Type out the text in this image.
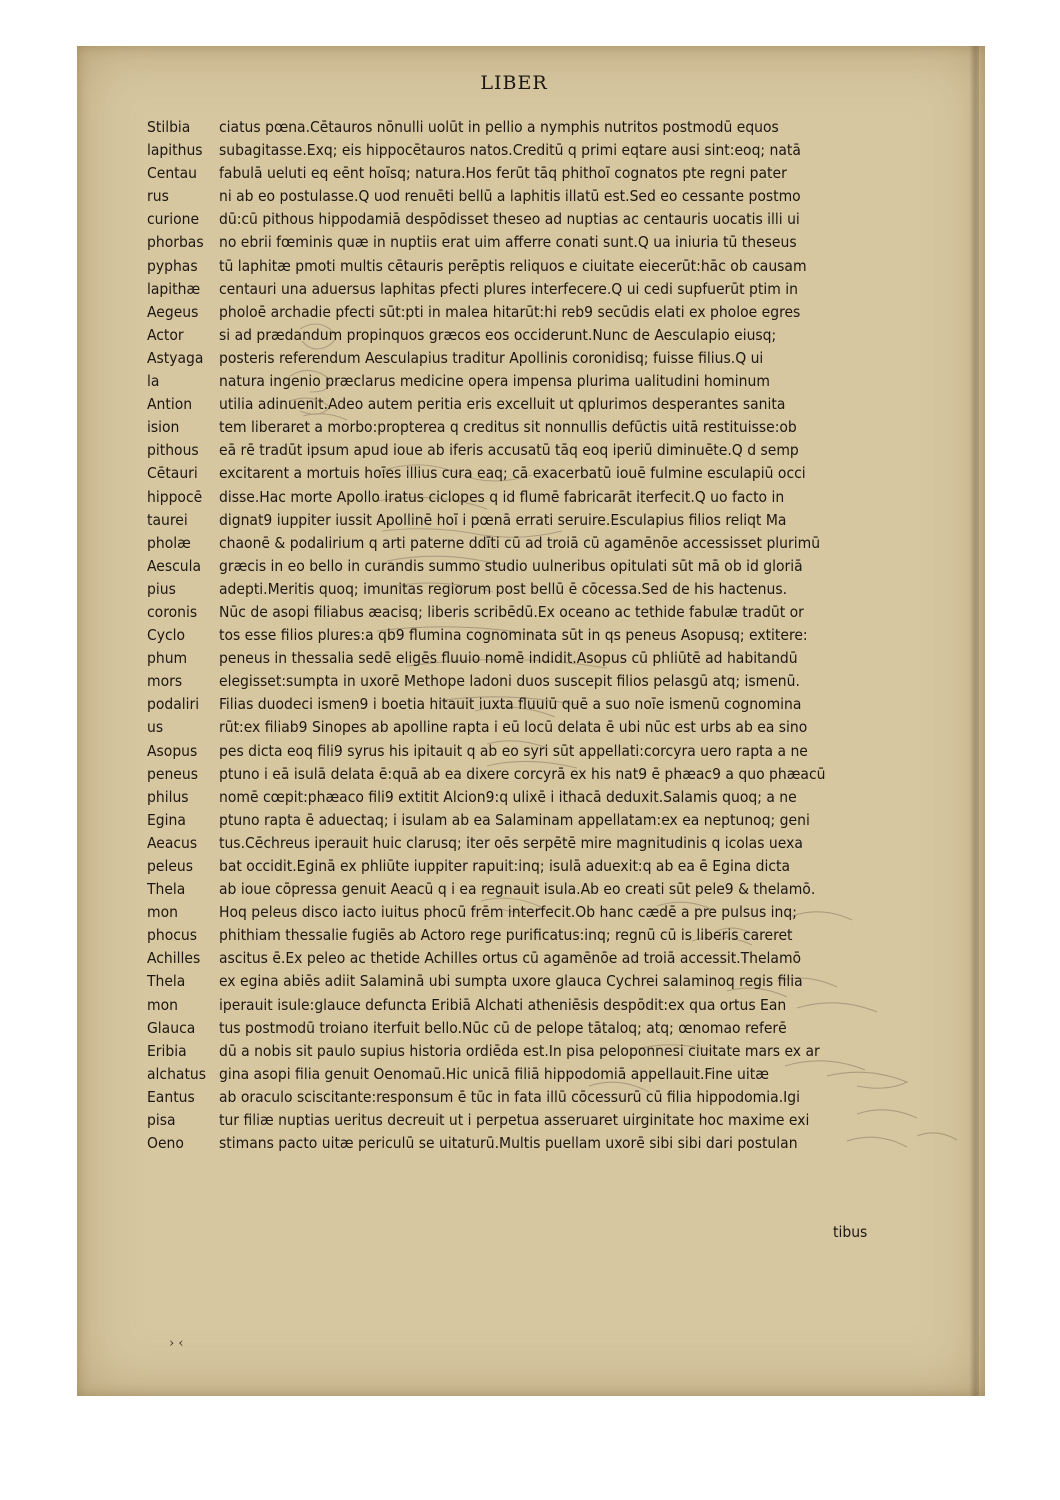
› ‹
LIBER
Stilbia
lapithus
Centau
rus
curione
phorbas
pyphas
lapithæ
Aegeus
Actor
Astyaga
la
Antion
ision
pithous
Cētauri
hippocē
taurei
pholæ
Aescula
pius
coronis
Cyclo
phum
mors
podaliri
us
Asopus
peneus
philus
Egina
Aeacus
peleus
Thela
mon
phocus
Achilles
Thela
mon
Glauca
Eribia
alchatus
Eantus
pisa
Oeno
ciatus pœna.Cētauros nōnulli uolūt in pellio a nymphis nutritos postmodū equos
subagitasse.Exq; eis hippocētauros natos.Creditū q primi eqtare ausi sint:eoq; natā
fabulā ueluti eq eēnt hoīsq; natura.Hos ferūt tāq phithoī cognatos pte regni pater
ni ab eo postulasse.Q uod renuēti bellū a laphitis illatū est.Sed eo cessante postmo
dū:cū pithous hippodamiā despōdisset theseo ad nuptias ac centauris uocatis illi ui
no ebrii fœminis quæ in nuptiis erat uim afferre conati sunt.Q ua iniuria tū theseus
tū laphitæ pmoti multis cētauris perēptis reliquos e ciuitate eiecerūt:hāc ob causam
centauri una aduersus laphitas pfecti plures interfecere.Q ui cedi supfuerūt ptim in
pholoē archadie pfecti sūt:pti in malea hitarūt:hi reb9 secūdis elati ex pholoe egres
si ad prædandum propinquos græcos eos occiderunt.Nunc de Aesculapio eiusq;
posteris referendum Aesculapius traditur Apollinis coronidisq; fuisse filius.Q ui
natura ingenio præclarus medicine opera impensa plurima ualitudini hominum
utilia adinuenit.Adeo autem peritia eris excelluit ut qplurimos desperantes sanita
tem liberaret a morbo:propterea q creditus sit nonnullis defūctis uitā restituisse:ob
eā rē tradūt ipsum apud ioue ab iferis accusatū tāq eoq iperiū diminuēte.Q d semp
excitarent a mortuis hoīes illius cura eaq; cā exacerbatū iouē fulmine esculapiū occi
disse.Hac morte Apollo iratus ciclopes q id flumē fabricarāt iterfecit.Q uo facto in
dignat9 iuppiter iussit Apollinē hoī i pœnā errati seruire.Esculapius filios reliqt Ma
chaonē & podalirium q arti paterne ddīti cū ad troiā cū agamēnōe accessisset plurimū
græcis in eo bello in curandis summo studio uulneribus opitulati sūt mā ob id gloriā
adepti.Meritis quoq; imunitas regiorum post bellū ē cōcessa.Sed de his hactenus.
Nūc de asopi filiabus æacisq; liberis scribēdū.Ex oceano ac tethide fabulæ tradūt or
tos esse filios plures:a qb9 flumina cognominata sūt in qs peneus Asopusq; extitere:
peneus in thessalia sedē eligēs fluuio nomē indidit.Asopus cū phliūtē ad habitandū
elegisset:sumpta in uxorē Methope ladoni duos suscepit filios pelasgū atq; ismenū.
Filias duodeci ismen9 i boetia hitauit iuxta fluuiū quē a suo noīe ismenū cognomina
rūt:ex filiab9 Sinopes ab apolline rapta i eū locū delata ē ubi nūc est urbs ab ea sino
pes dicta eoq fili9 syrus his ipitauit q ab eo syri sūt appellati:corcyra uero rapta a ne
ptuno i eā isulā delata ē:quā ab ea dixere corcyrā ex his nat9 ē phæac9 a quo phæacū
nomē cœpit:phæaco fili9 extitit Alcion9:q ulixē i ithacā deduxit.Salamis quoq; a ne
ptuno rapta ē aduectaq; i isulam ab ea Salaminam appellatam:ex ea neptunoq; geni
tus.Cēchreus iperauit huic clarusq; iter oēs serpētē mire magnitudinis q icolas uexa
bat occidit.Eginā ex phliūte iuppiter rapuit:inq; isulā aduexit:q ab ea ē Egina dicta
ab ioue cōpressa genuit Aeacū q i ea regnauit isula.Ab eo creati sūt pele9 & thelamō.
Hoq peleus disco iacto iuitus phocū frēm interfecit.Ob hanc cædē a pre pulsus inq;
phithiam thessalie fugiēs ab Actoro rege purificatus:inq; regnū cū is liberis careret
ascitus ē.Ex peleo ac thetide Achilles ortus cū agamēnōe ad troiā accessit.Thelamō
ex egina abiēs adiit Salaminā ubi sumpta uxore glauca Cychrei salaminoq regis filia
iperauit isule:glauce defuncta Eribiā Alchati atheniēsis despōdit:ex qua ortus Ean
tus postmodū troiano iterfuit bello.Nūc cū de pelope tātaloq; atq; œnomao referē
dū a nobis sit paulo supius historia ordiēda est.In pisa peloponnesi ciuitate mars ex ar
gina asopi filia genuit Oenomaū.Hic unicā filiā hippodomiā appellauit.Fine uitæ
ab oraculo sciscitante:responsum ē tūc in fata illū cōcessurū cū filia hippodomia.Igi
tur filiæ nuptias ueritus decreuit ut i perpetua asseruaret uirginitate hoc maxime exi
stimans pacto uitæ periculū se uitaturū.Multis puellam uxorē sibi sibi dari postulan
tibus
